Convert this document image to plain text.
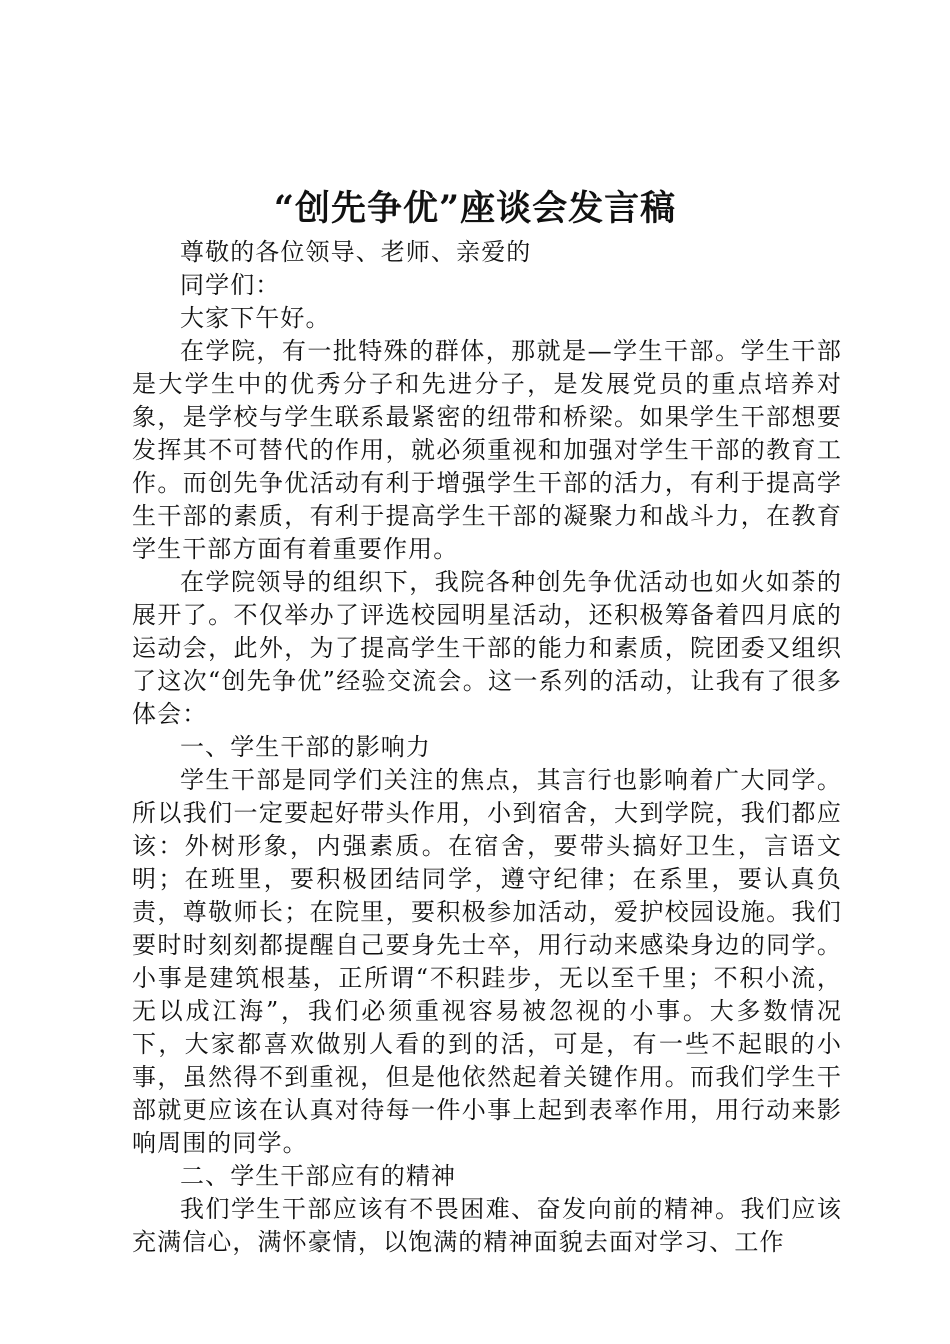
“创先争优”座谈会发言稿

尊敬的各位领导、老师、亲爱的

同学们：

大家下午好。

在学院，有一批特殊的群体，那就是—学生干部。学生干部是大学生中的优秀分子和先进分子，是发展党员的重点培养对象，是学校与学生联系最紧密的纽带和桥梁。如果学生干部想要发挥其不可替代的作用，就必须重视和加强对学生干部的教育工作。而创先争优活动有利于增强学生干部的活力，有利于提高学生干部的素质，有利于提高学生干部的凝聚力和战斗力，在教育学生干部方面有着重要作用。

在学院领导的组织下，我院各种创先争优活动也如火如荼的展开了。不仅举办了评选校园明星活动，还积极筹备着四月底的运动会，此外，为了提高学生干部的能力和素质，院团委又组织了这次“创先争优”经验交流会。这一系列的活动，让我有了很多体会：

一、学生干部的影响力

学生干部是同学们关注的焦点，其言行也影响着广大同学。所以我们一定要起好带头作用，小到宿舍，大到学院，我们都应该：外树形象，内强素质。在宿舍，要带头搞好卫生，言语文明；在班里，要积极团结同学，遵守纪律；在系里，要认真负责，尊敬师长；在院里，要积极参加活动，爱护校园设施。我们要时时刻刻都提醒自己要身先士卒，用行动来感染身边的同学。小事是建筑根基，正所谓“不积跬步，无以至千里；不积小流，无以成江海”，我们必须重视容易被忽视的小事。大多数情况下，大家都喜欢做别人看的到的活，可是，有一些不起眼的小事，虽然得不到重视，但是他依然起着关键作用。而我们学生干部就更应该在认真对待每一件小事上起到表率作用，用行动来影响周围的同学。

二、学生干部应有的精神

我们学生干部应该有不畏困难、奋发向前的精神。我们应该充满信心，满怀豪情，以饱满的精神面貌去面对学习、工作
